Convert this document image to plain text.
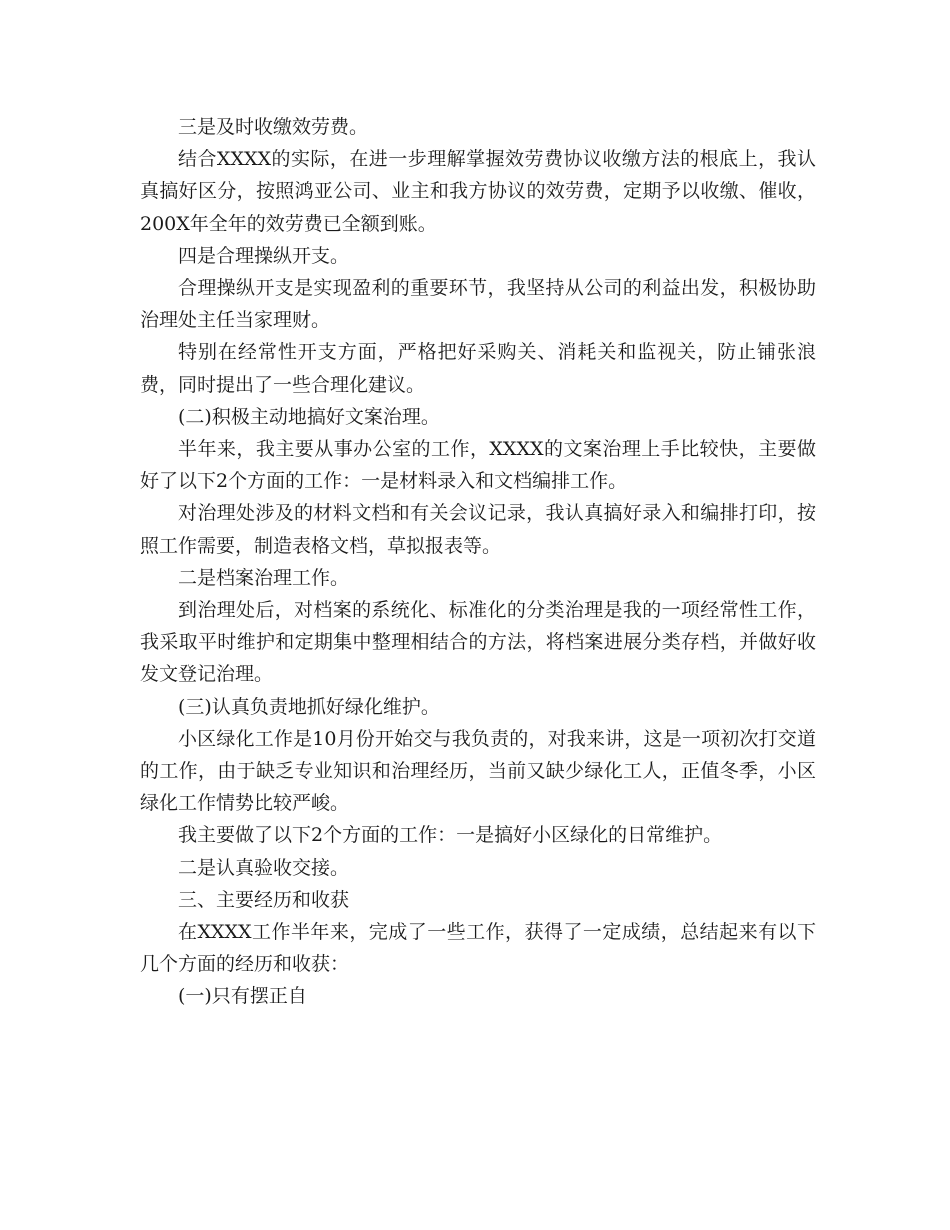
三是及时收缴效劳费。

结合XXXX的实际，在进一步理解掌握效劳费协议收缴方法的根底上，我认真搞好区分，按照鸿亚公司、业主和我方协议的效劳费，定期予以收缴、催收，200X年全年的效劳费已全额到账。

四是合理操纵开支。

合理操纵开支是实现盈利的重要环节，我坚持从公司的利益出发，积极协助治理处主任当家理财。

特别在经常性开支方面，严格把好采购关、消耗关和监视关，防止铺张浪费，同时提出了一些合理化建议。

(二)积极主动地搞好文案治理。

半年来，我主要从事办公室的工作，XXXX的文案治理上手比较快，主要做好了以下2个方面的工作：一是材料录入和文档编排工作。

对治理处涉及的材料文档和有关会议记录，我认真搞好录入和编排打印，按照工作需要，制造表格文档，草拟报表等。

二是档案治理工作。

到治理处后，对档案的系统化、标准化的分类治理是我的一项经常性工作，我采取平时维护和定期集中整理相结合的方法，将档案进展分类存档，并做好收发文登记治理。

(三)认真负责地抓好绿化维护。

小区绿化工作是10月份开始交与我负责的，对我来讲，这是一项初次打交道的工作，由于缺乏专业知识和治理经历，当前又缺少绿化工人，正值冬季，小区绿化工作情势比较严峻。

我主要做了以下2个方面的工作：一是搞好小区绿化的日常维护。

二是认真验收交接。

三、主要经历和收获

在XXXX工作半年来，完成了一些工作，获得了一定成绩，总结起来有以下几个方面的经历和收获：

(一)只有摆正自
